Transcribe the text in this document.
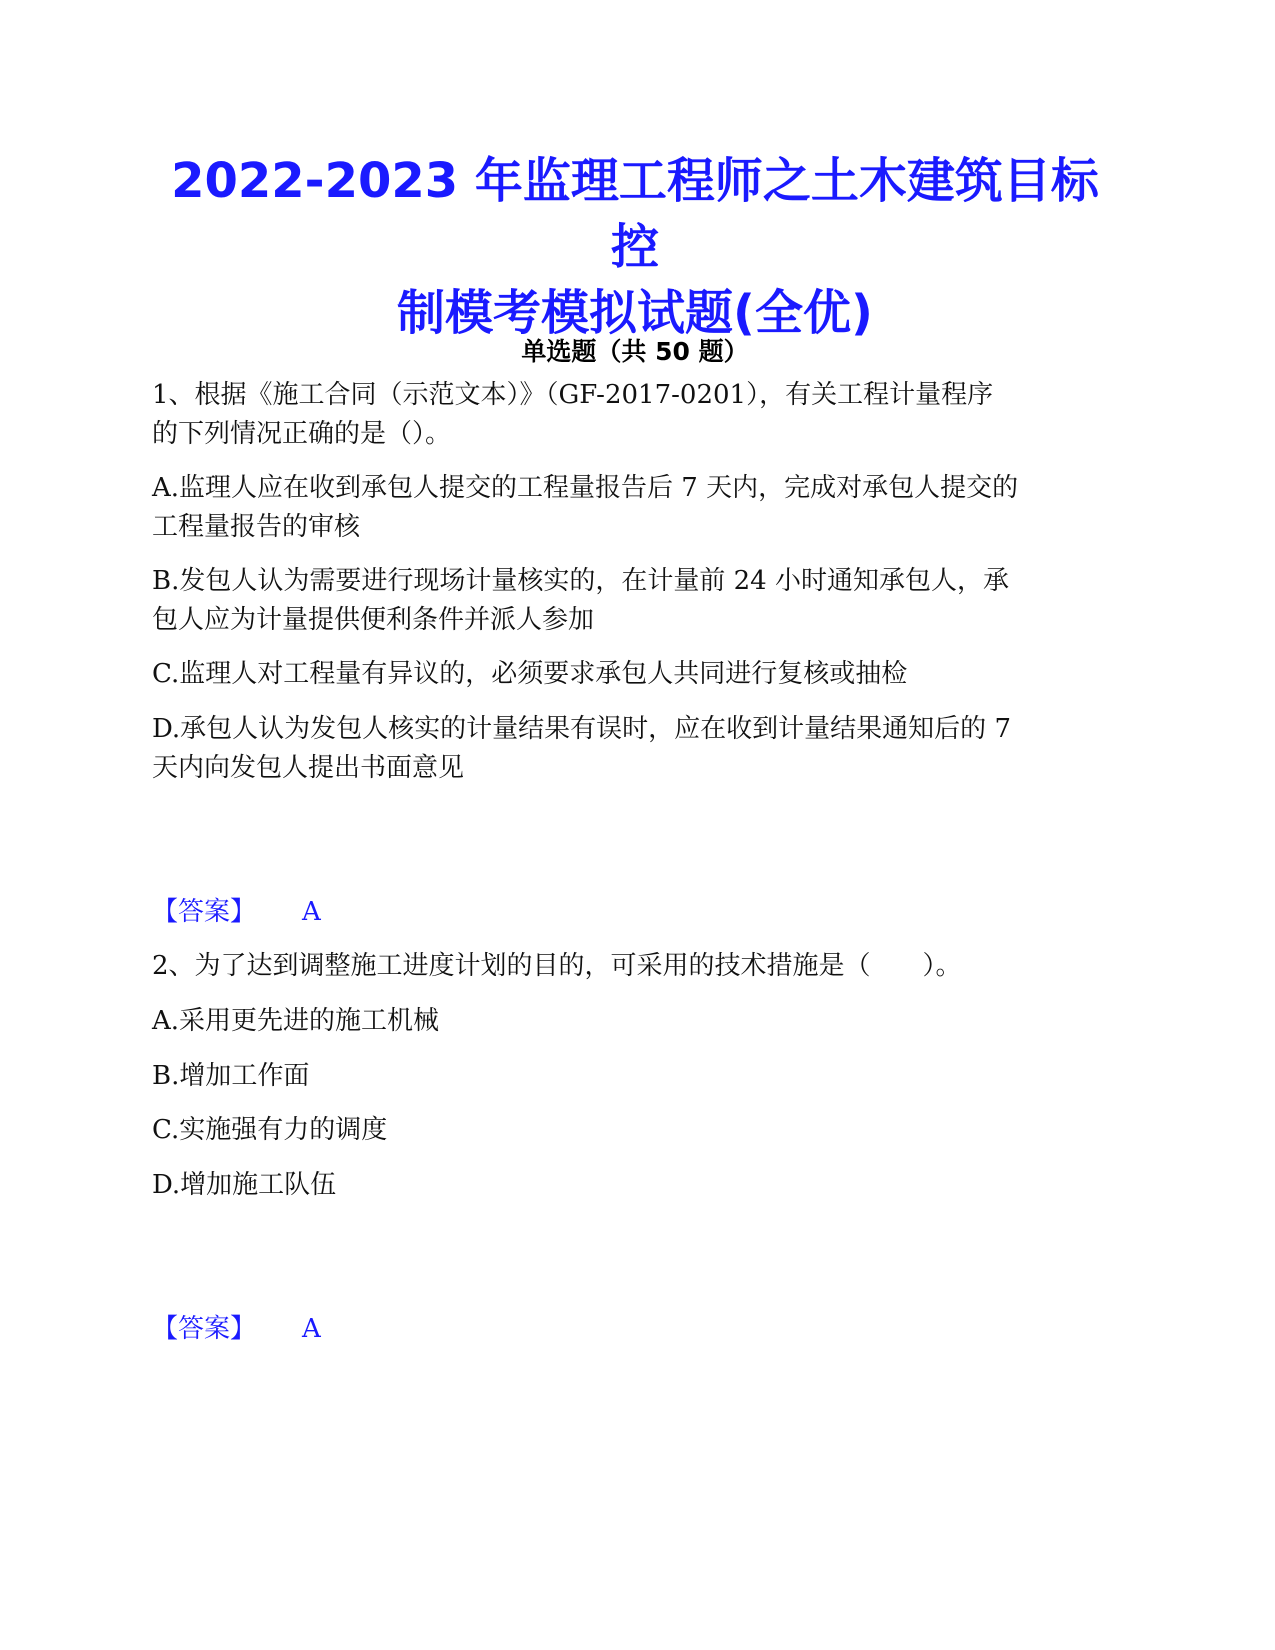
2022-2023 年监理工程师之土木建筑目标控
制模考模拟试题(全优)
单选题（共 50 题）
1、根据《施工合同（示范文本）》（GF-2017-0201），有关工程计量程序
的下列情况正确的是（）。
A.监理人应在收到承包人提交的工程量报告后 7 天内，完成对承包人提交的
工程量报告的审核
B.发包人认为需要进行现场计量核实的，在计量前 24 小时通知承包人，承
包人应为计量提供便利条件并派人参加
C.监理人对工程量有异议的，必须要求承包人共同进行复核或抽检
D.承包人认为发包人核实的计量结果有误时，应在收到计量结果通知后的 7
天内向发包人提出书面意见
【答案】 A
2、为了达到调整施工进度计划的目的，可采用的技术措施是（　　）。
A.采用更先进的施工机械
B.增加工作面
C.实施强有力的调度
D.增加施工队伍
【答案】 A
